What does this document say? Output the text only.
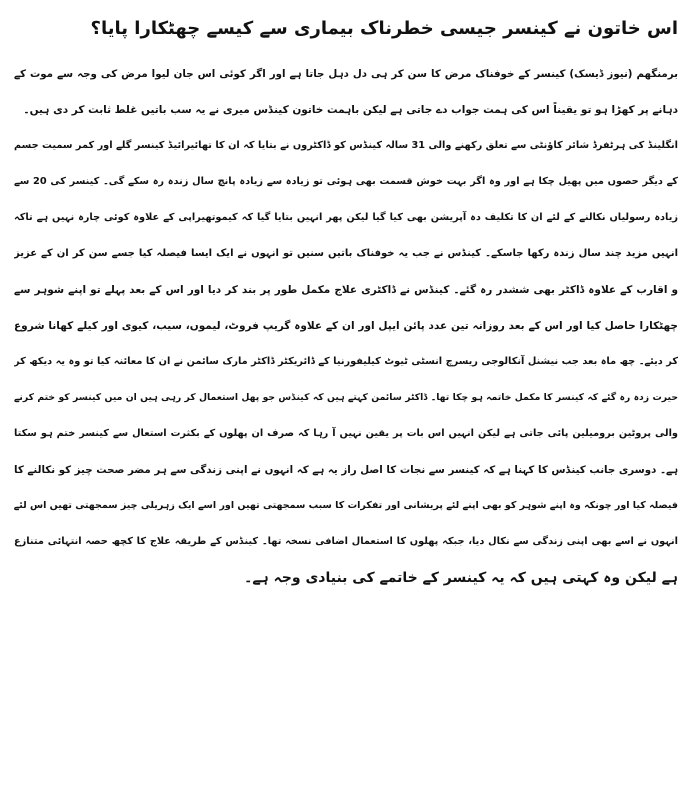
اس خاتون نے کینسر جیسی خطرناک بیماری سے کیسے چھٹکارا پایا؟
برمنگھم (نیوز ڈیسک) کینسر کے خوفناک مرض کا سن کر ہی دل دہل جاتا ہے اور اگر کوئی اس جان لیوا مرض کی وجہ سے موت کے
دہانے پر کھڑا ہو تو یقیناً اس کی ہمت جواب دے جاتی ہے لیکن باہمت خاتون کینڈس میری نے یہ سب باتیں غلط ثابت کر دی ہیں۔
انگلینڈ کی ہرٹفرڈ شائر کاؤنٹی سے تعلق رکھنے والی 31 سالہ کینڈس کو ڈاکٹروں نے بتایا کہ ان کا تھائیرائیڈ کینسر گلے اور کمر سمیت جسم
کے دیگر حصوں میں پھیل چکا ہے اور وہ اگر بہت خوش قسمت بھی ہوئی تو زیادہ سے زیادہ پانچ سال زندہ رہ سکے گی۔ کینسر کی 20 سے
زیادہ رسولیاں نکالنے کے لئے ان کا تکلیف دہ آپریشن بھی کیا گیا لیکن پھر انہیں بتایا گیا کہ کیموتھیراپی کے علاوہ کوئی چارہ نہیں ہے تاکہ
انہیں مزید چند سال زندہ رکھا جاسکے۔ کینڈس نے جب یہ خوفناک باتیں سنیں تو انہوں نے ایک ایسا فیصلہ کیا جسے سن کر ان کے عزیز
و اقارب کے علاوہ ڈاکٹر بھی ششدر رہ گئے۔ کینڈس نے ڈاکٹری علاج مکمل طور پر بند کر دیا اور اس کے بعد پہلے تو اپنے شوہر سے
چھٹکارا حاصل کیا اور اس کے بعد روزانہ تین عدد پائن ایپل اور ان کے علاوہ گریپ فروٹ، لیموں، سیب، کیوی اور کیلے کھانا شروع
کر دیئے۔ چھ ماہ بعد جب نیشنل آنکالوجی ریسرچ انسٹی ٹیوٹ کیلیفورنیا کے ڈائریکٹر ڈاکٹر مارک سائمن نے ان کا معائنہ کیا تو وہ یہ دیکھ کر
حیرت زدہ رہ گئے کہ کینسر کا مکمل خاتمہ ہو چکا تھا۔ ڈاکٹر سائمن کہتے ہیں کہ کینڈس جو پھل استعمال کر رہی ہیں ان میں کینسر کو ختم کرنے
والی پروٹین برومیلین پائی جاتی ہے لیکن انہیں اس بات پر یقین نہیں آ رہا کہ صرف ان پھلوں کے بکثرت استعال سے کینسر ختم ہو سکتا
ہے۔ دوسری جانب کینڈس کا کہنا ہے کہ کینسر سے نجات کا اصل راز یہ ہے کہ انہوں نے اپنی زندگی سے ہر مضر صحت چیز کو نکالنے کا
فیصلہ کیا اور چونکہ وہ اپنے شوہر کو بھی اپنے لئے پریشانی اور تفکرات کا سبب سمجھتی تھیں اور اسے ایک زہریلی چیز سمجھتی تھیں اس لئے
انہوں نے اسے بھی اپنی زندگی سے نکال دیا، جبکہ پھلوں کا استعمال اضافی نسخہ تھا۔ کینڈس کے طریقہ علاج کا کچھ حصہ انتہائی متنازع
ہے لیکن وہ کہتی ہیں کہ یہ کینسر کے خاتمے کی بنیادی وجہ ہے۔
